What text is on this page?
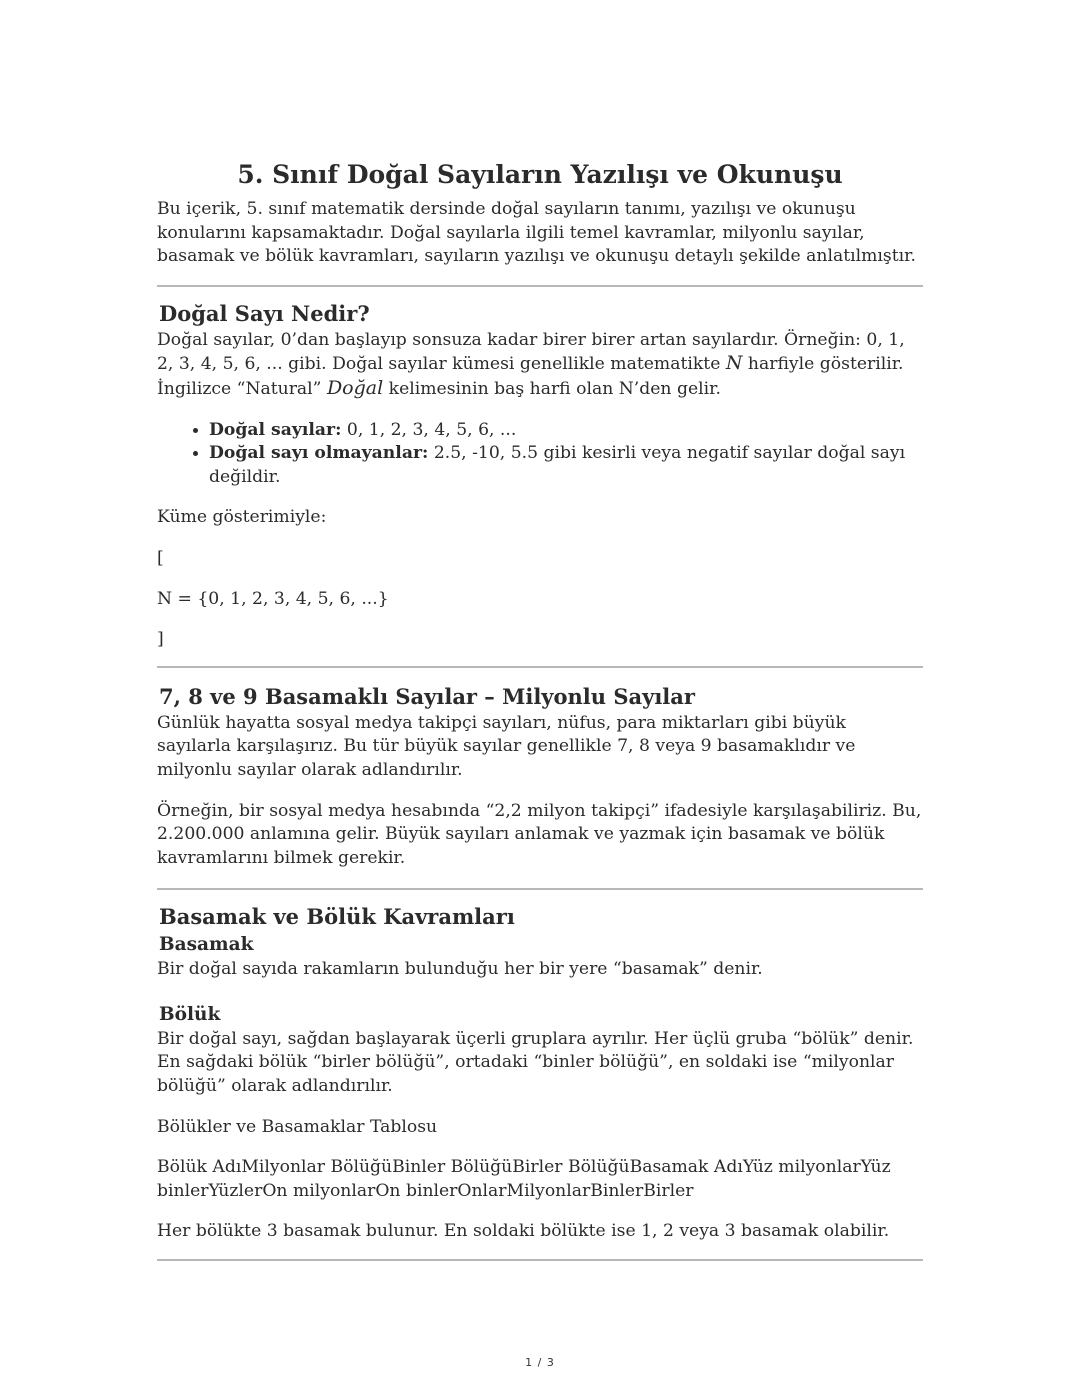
5. Sınıf Doğal Sayıların Yazılışı ve Okunuşu

Bu içerik, 5. sınıf matematik dersinde doğal sayıların tanımı, yazılışı ve okunuşu konularını kapsamaktadır. Doğal sayılarla ilgili temel kavramlar, milyonlu sayılar, basamak ve bölük kavramları, sayıların yazılışı ve okunuşu detaylı şekilde anlatılmıştır.

Doğal Sayı Nedir?

Doğal sayılar, 0’dan başlayıp sonsuza kadar birer birer artan sayılardır. Örneğin: 0, 1, 2, 3, 4, 5, 6, ... gibi. Doğal sayılar kümesi genellikle matematikte N harfiyle gösterilir. İngilizce “Natural” Doğal kelimesinin baş harfi olan N’den gelir.

• Doğal sayılar: 0, 1, 2, 3, 4, 5, 6, ...
• Doğal sayı olmayanlar: 2.5, -10, 5.5 gibi kesirli veya negatif sayılar doğal sayı değildir.

Küme gösterimiyle:

[

N = {0, 1, 2, 3, 4, 5, 6, ...}

]

7, 8 ve 9 Basamaklı Sayılar – Milyonlu Sayılar

Günlük hayatta sosyal medya takipçi sayıları, nüfus, para miktarları gibi büyük sayılarla karşılaşırız. Bu tür büyük sayılar genellikle 7, 8 veya 9 basamaklıdır ve milyonlu sayılar olarak adlandırılır.

Örneğin, bir sosyal medya hesabında “2,2 milyon takipçi” ifadesiyle karşılaşabiliriz. Bu, 2.200.000 anlamına gelir. Büyük sayıları anlamak ve yazmak için basamak ve bölük kavramlarını bilmek gerekir.

Basamak ve Bölük Kavramları
Basamak

Bir doğal sayıda rakamların bulunduğu her bir yere “basamak” denir.

Bölük

Bir doğal sayı, sağdan başlayarak üçerli gruplara ayrılır. Her üçlü gruba “bölük” denir. En sağdaki bölük “birler bölüğü”, ortadaki “binler bölüğü”, en soldaki ise “milyonlar bölüğü” olarak adlandırılır.

Bölükler ve Basamaklar Tablosu

Bölük AdıMilyonlar BölüğüBinler BölüğüBirler BölüğüBasamak AdıYüz milyonlarYüz binlerYüzlerOn milyonlarOn binlerOnlarMilyonlarBinlerBirler

Her bölükte 3 basamak bulunur. En soldaki bölükte ise 1, 2 veya 3 basamak olabilir.

1 / 3
